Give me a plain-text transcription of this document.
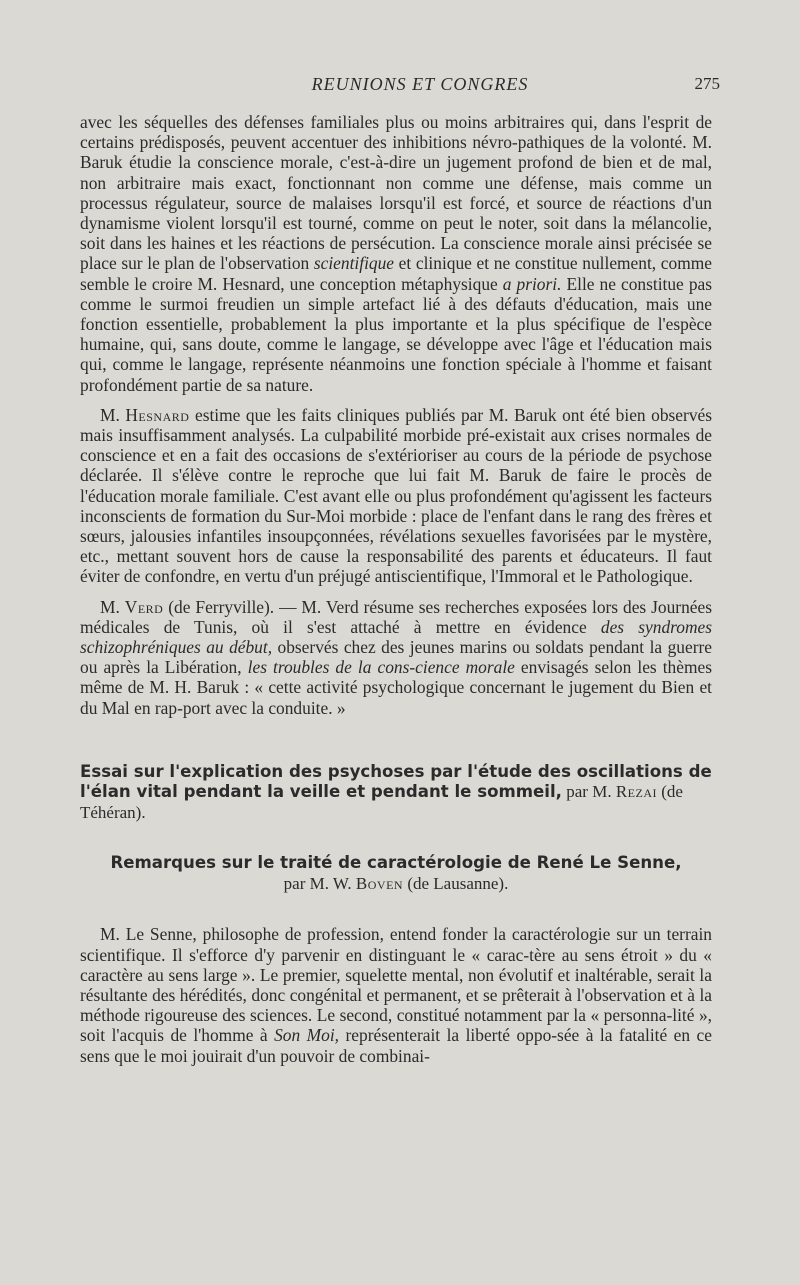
REUNIONS ET CONGRES	275

avec les séquelles des défenses familiales plus ou moins arbitraires qui, dans l'esprit de certains prédisposés, peuvent accentuer des inhibitions névro-pathiques de la volonté. M. Baruk étudie la conscience morale, c'est-à-dire un jugement profond de bien et de mal, non arbitraire mais exact, fonctionnant non comme une défense, mais comme un processus régulateur, source de malaises lorsqu'il est forcé, et source de réactions d'un dynamisme violent lorsqu'il est tourné, comme on peut le noter, soit dans la mélancolie, soit dans les haines et les réactions de persécution. La conscience morale ainsi précisée se place sur le plan de l'observation scientifique et clinique et ne constitue nullement, comme semble le croire M. Hesnard, une conception métaphysique a priori. Elle ne constitue pas comme le surmoi freudien un simple artefact lié à des défauts d'éducation, mais une fonction essentielle, probablement la plus importante et la plus spécifique de l'espèce humaine, qui, sans doute, comme le langage, se développe avec l'âge et l'éducation mais qui, comme le langage, représente néanmoins une fonction spéciale à l'homme et faisant profondément partie de sa nature.

M. Hesnard estime que les faits cliniques publiés par M. Baruk ont été bien observés mais insuffisamment analysés. La culpabilité morbide pré-existait aux crises normales de conscience et en a fait des occasions de s'extérioriser au cours de la période de psychose déclarée. Il s'élève contre le reproche que lui fait M. Baruk de faire le procès de l'éducation morale familiale. C'est avant elle ou plus profondément qu'agissent les facteurs inconscients de formation du Sur-Moi morbide : place de l'enfant dans le rang des frères et sœurs, jalousies infantiles insoupçonnées, révélations sexuelles favorisées par le mystère, etc., mettant souvent hors de cause la responsabilité des parents et éducateurs. Il faut éviter de confondre, en vertu d'un préjugé antiscientifique, l'Immoral et le Pathologique.

M. Verd (de Ferryville). — M. Verd résume ses recherches exposées lors des Journées médicales de Tunis, où il s'est attaché à mettre en évidence des syndromes schizophréniques au début, observés chez des jeunes marins ou soldats pendant la guerre ou après la Libération, les troubles de la cons-cience morale envisagés selon les thèmes même de M. H. Baruk : « cette activité psychologique concernant le jugement du Bien et du Mal en rap-port avec la conduite. »

Essai sur l'explication des psychoses par l'étude des oscillations de l'élan vital pendant la veille et pendant le sommeil, par M. Rezai (de Téhéran).
Remarques sur le traité de caractérologie de René Le Senne,
par M. W. Boven (de Lausanne).

M. Le Senne, philosophe de profession, entend fonder la caractérologie sur un terrain scientifique. Il s'efforce d'y parvenir en distinguant le « carac-tère au sens étroit » du « caractère au sens large ». Le premier, squelette mental, non évolutif et inaltérable, serait la résultante des hérédités, donc congénital et permanent, et se prêterait à l'observation et à la méthode rigoureuse des sciences. Le second, constitué notamment par la « personna-lité », soit l'acquis de l'homme à Son Moi, représenterait la liberté oppo-sée à la fatalité en ce sens que le moi jouirait d'un pouvoir de combinai-
